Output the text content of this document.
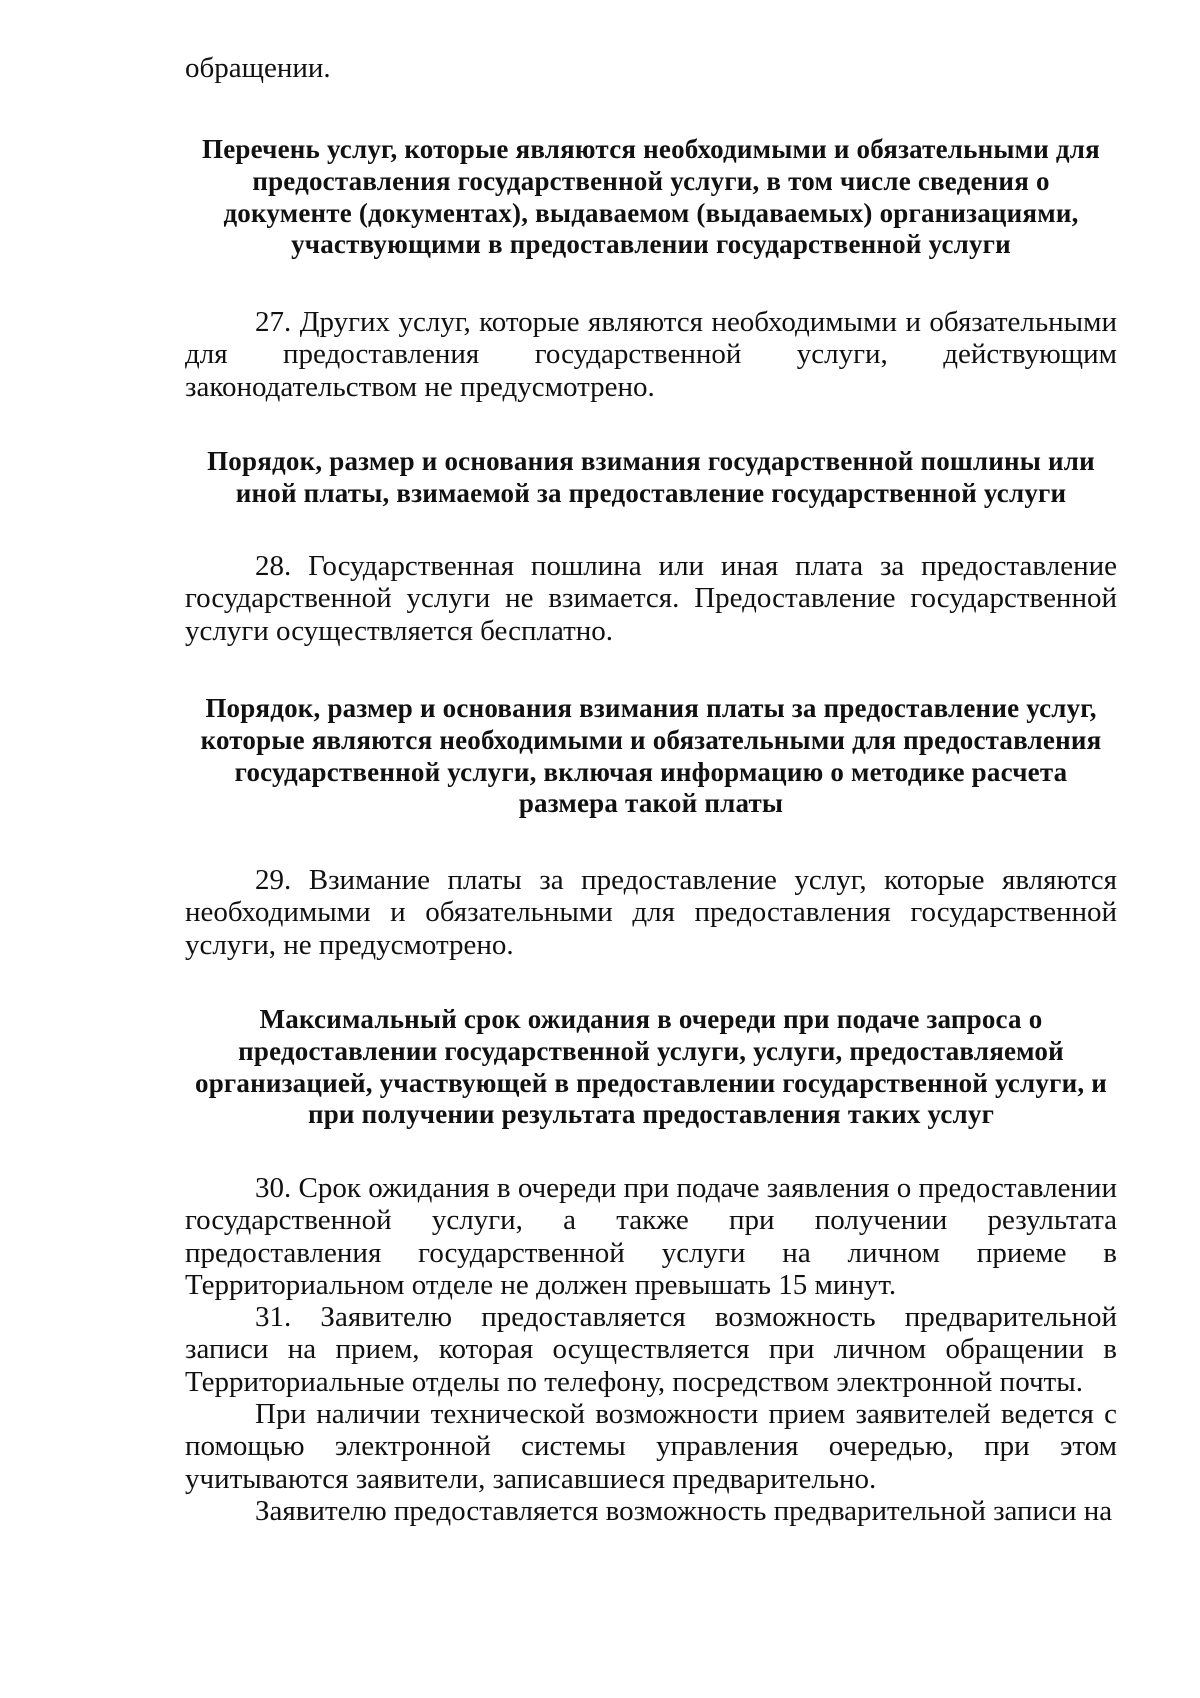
обращении.
Перечень услуг, которые являются необходимыми и обязательными для предоставления государственной услуги, в том числе сведения о документе (документах), выдаваемом (выдаваемых) организациями, участвующими в предоставлении государственной услуги

27. Других услуг, которые являются необходимыми и обязательными для предоставления государственной услуги, действующим законодательством не предусмотрено.

Порядок, размер и основания взимания государственной пошлины или иной платы, взимаемой за предоставление государственной услуги

28. Государственная пошлина или иная плата за предоставление государственной услуги не взимается. Предоставление государственной услуги осуществляется бесплатно.

Порядок, размер и основания взимания платы за предоставление услуг, которые являются необходимыми и обязательными для предоставления государственной услуги, включая информацию о методике расчета размера такой платы

29. Взимание платы за предоставление услуг, которые являются необходимыми и обязательными для предоставления государственной услуги, не предусмотрено.

Максимальный срок ожидания в очереди при подаче запроса о предоставлении государственной услуги, услуги, предоставляемой организацией, участвующей в предоставлении государственной услуги, и при получении результата предоставления таких услуг

30. Срок ожидания в очереди при подаче заявления о предоставлении государственной услуги, а также при получении результата предоставления государственной услуги на личном приеме в Территориальном отделе не должен превышать 15 минут.

31. Заявителю предоставляется возможность предварительной записи на прием, которая осуществляется при личном обращении в Территориальные отделы по телефону, посредством электронной почты.

При наличии технической возможности прием заявителей ведется с помощью электронной системы управления очередью, при этом учитываются заявители, записавшиеся предварительно.

Заявителю предоставляется возможность предварительной записи на
